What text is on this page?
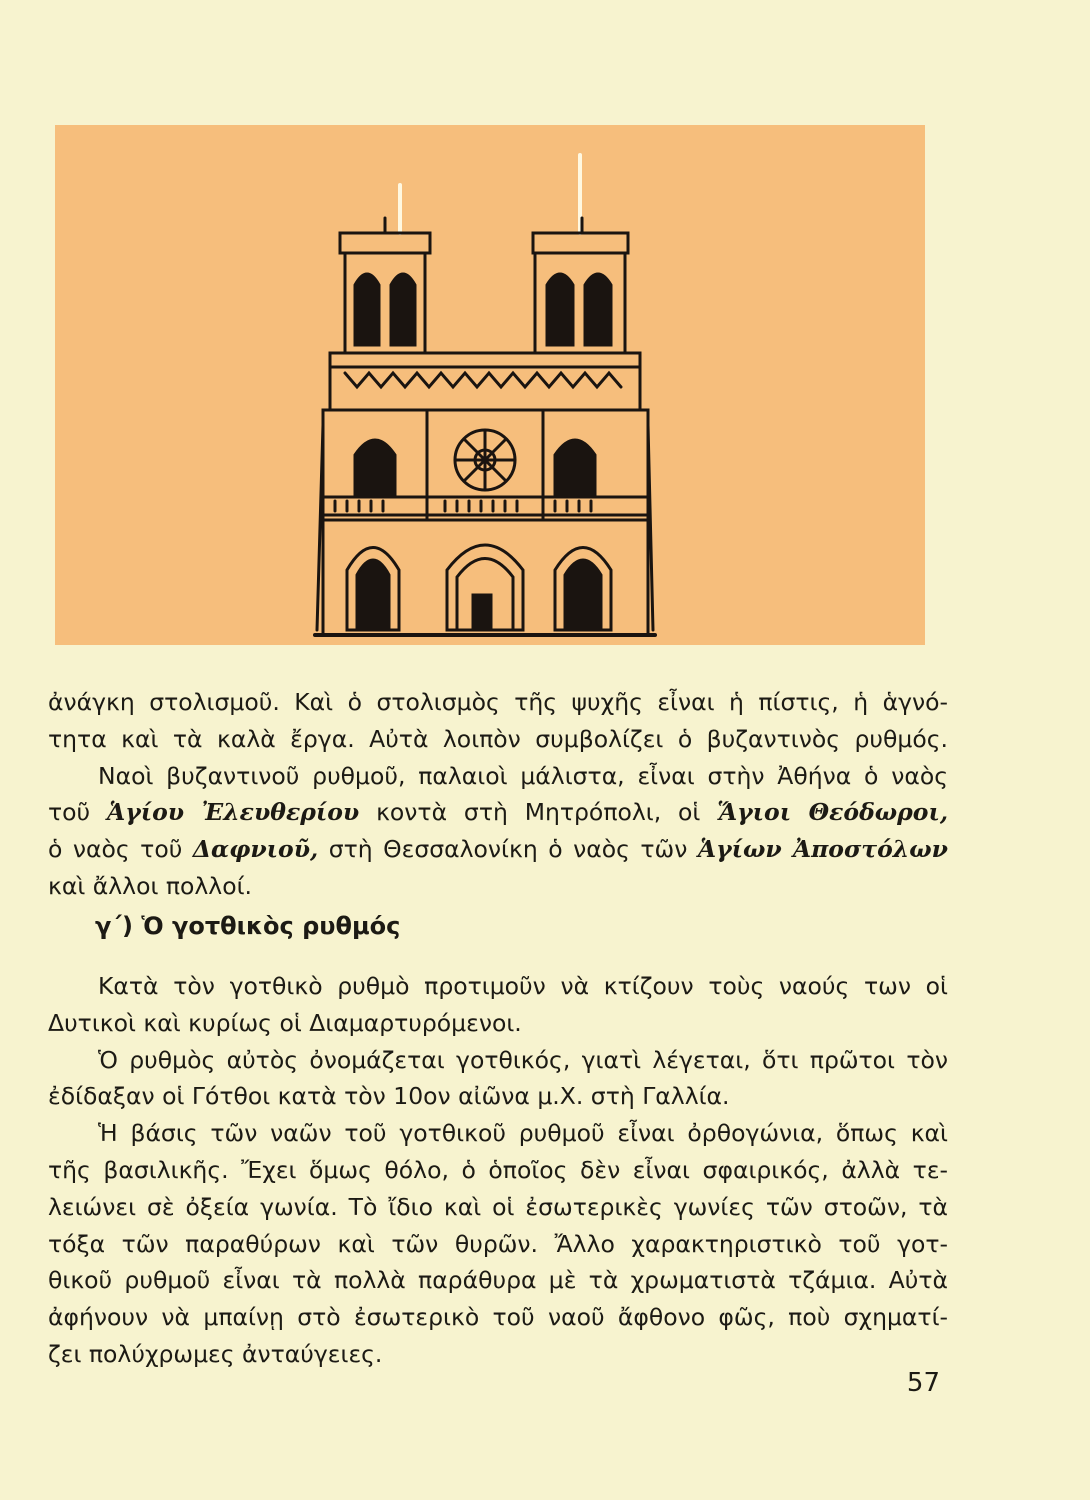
ἀνάγκη στολισμοῦ. Καὶ ὁ στολισμὸς τῆς ψυχῆς εἶναι ἡ πίστις, ἡ ἁγνό-
τητα καὶ τὰ καλὰ ἔργα. Αὐτὰ λοιπὸν συμβολίζει ὁ βυζαντινὸς ρυθμός.
Ναοὶ βυζαντινοῦ ρυθμοῦ, παλαιοὶ μάλιστα, εἶναι στὴν Ἀθήνα ὁ ναὸς
τοῦ Ἁγίου Ἐλευθερίου κοντὰ στὴ Μητρόπολι, οἱ Ἅγιοι Θεόδωροι,
ὁ ναὸς τοῦ Δαφνιοῦ, στὴ Θεσσαλονίκη ὁ ναὸς τῶν Ἁγίων Ἀποστόλων
καὶ ἄλλοι πολλοί.
γ΄) Ὁ γοτθικὸς ρυθμός
Κατὰ τὸν γοτθικὸ ρυθμὸ προτιμοῦν νὰ κτίζουν τοὺς ναούς των οἱ
Δυτικοὶ καὶ κυρίως οἱ Διαμαρτυρόμενοι.
Ὁ ρυθμὸς αὐτὸς ὀνομάζεται γοτθικός, γιατὶ λέγεται, ὅτι πρῶτοι τὸν
ἐδίδαξαν οἱ Γότθοι κατὰ τὸν 10ον αἰῶνα μ.Χ. στὴ Γαλλία.
Ἡ βάσις τῶν ναῶν τοῦ γοτθικοῦ ρυθμοῦ εἶναι ὀρθογώνια, ὅπως καὶ
τῆς βασιλικῆς. Ἔχει ὅμως θόλο, ὁ ὁποῖος δὲν εἶναι σφαιρικός, ἀλλὰ τε-
λειώνει σὲ ὀξεία γωνία. Τὸ ἴδιο καὶ οἱ ἐσωτερικὲς γωνίες τῶν στοῶν, τὰ
τόξα τῶν παραθύρων καὶ τῶν θυρῶν. Ἄλλο χαρακτηριστικὸ τοῦ γοτ-
θικοῦ ρυθμοῦ εἶναι τὰ πολλὰ παράθυρα μὲ τὰ χρωματιστὰ τζάμια. Αὐτὰ
ἀφήνουν νὰ μπαίνῃ στὸ ἐσωτερικὸ τοῦ ναοῦ ἄφθονο φῶς, ποὺ σχηματί-
ζει πολύχρωμες ἀνταύγειες.
57
